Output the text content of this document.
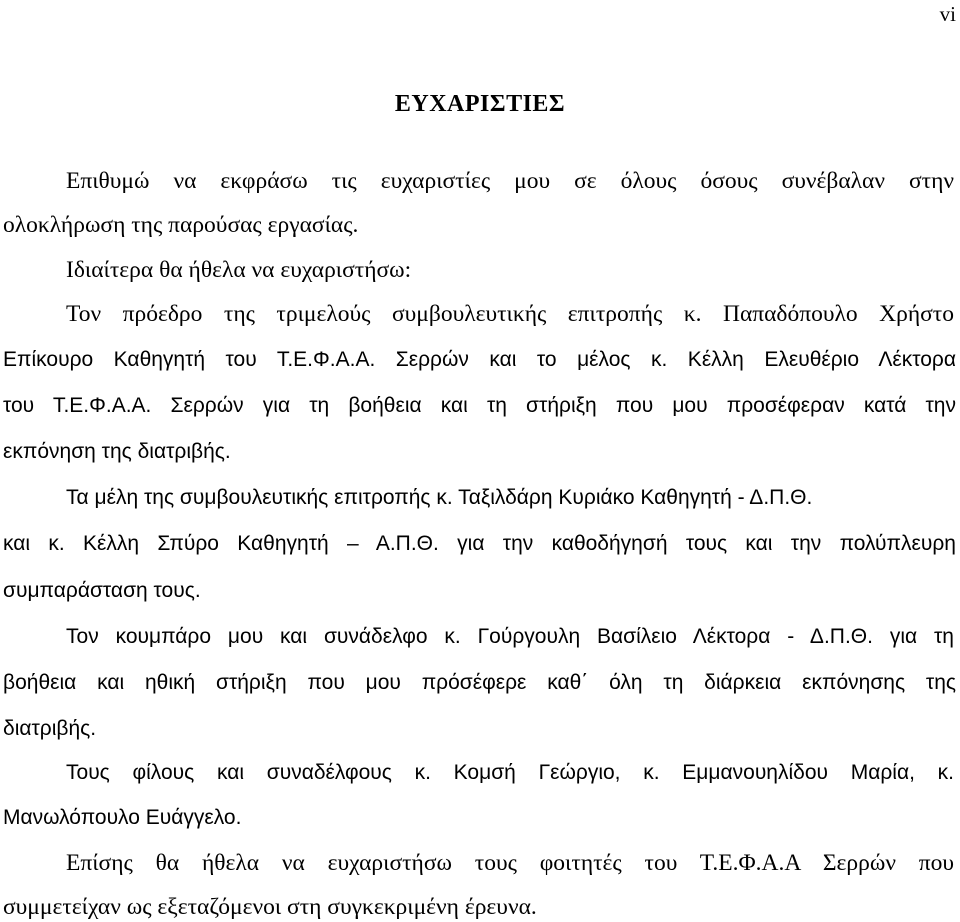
vi
ΕΥΧΑΡΙΣΤΙΕΣ
Επιθυμώ να εκφράσω τις ευχαριστίες μου σε όλους όσους συνέβαλαν στην
ολοκλήρωση της παρούσας εργασίας.
Ιδιαίτερα θα ήθελα να ευχαριστήσω:
Τον πρόεδρο της τριμελούς συμβουλευτικής επιτροπής κ. Παπαδόπουλο Χρήστο
Επίκουρο Καθηγητή του Τ.Ε.Φ.Α.Α. Σερρών και το μέλος κ. Κέλλη Ελευθέριο Λέκτορα
του Τ.Ε.Φ.Α.Α. Σερρών για τη βοήθεια και τη στήριξη που μου προσέφεραν κατά την
εκπόνηση της διατριβής.
Τα μέλη της συμβουλευτικής επιτροπής κ. Ταξιλδάρη Κυριάκο Καθηγητή - Δ.Π.Θ.
και κ. Κέλλη Σπύρο Καθηγητή – Α.Π.Θ. για την καθοδήγησή τους και την πολύπλευρη
συμπαράσταση τους.
Τον κουμπάρο μου και συνάδελφο κ. Γούργουλη Βασίλειο Λέκτορα - Δ.Π.Θ. για τη
βοήθεια και ηθική στήριξη που μου πρόσέφερε καθ΄ όλη τη διάρκεια εκπόνησης της
διατριβής.
Τους φίλους και συναδέλφους κ. Κομσή Γεώργιο, κ. Εμμανουηλίδου Μαρία, κ.
Μανωλόπουλο Ευάγγελο.
Επίσης θα ήθελα να ευχαριστήσω τους φοιτητές του Τ.Ε.Φ.Α.Α Σερρών που
συμμετείχαν ως εξεταζόμενοι στη συγκεκριμένη έρευνα.
